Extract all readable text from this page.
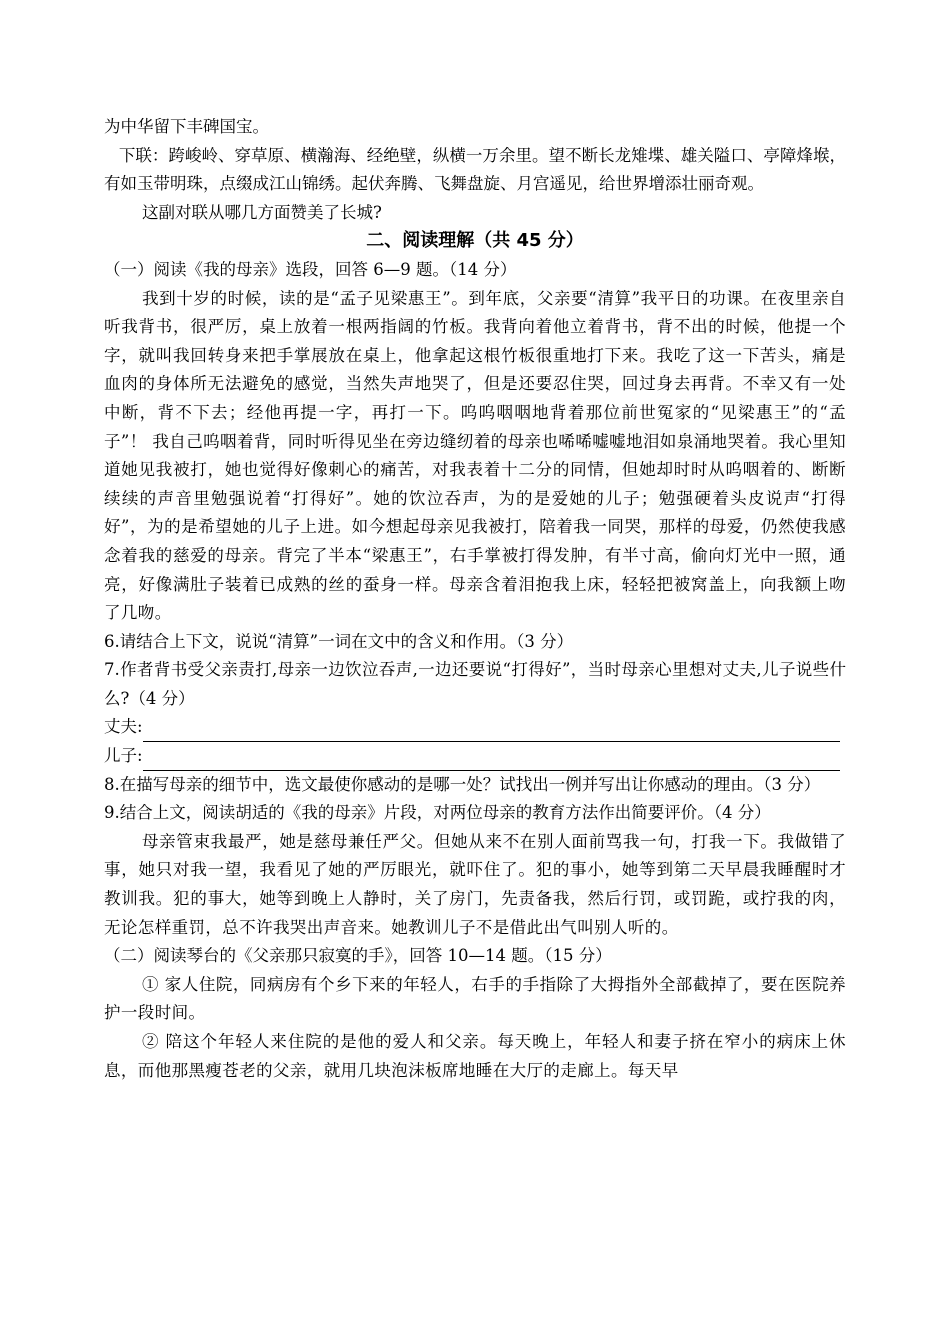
为中华留下丰碑国宝。

下联：跨峻岭、穿草原、横瀚海、经绝壁，纵横一万余里。望不断长龙雉堞、雄关隘口、亭障烽堠，有如玉带明珠，点缀成江山锦绣。起伏奔腾、飞舞盘旋、月宫遥见，给世界增添壮丽奇观。

这副对联从哪几方面赞美了长城?

二、阅读理解（共 45 分）

（一）阅读《我的母亲》选段，回答 6—9 题。（14 分）

我到十岁的时候，读的是“孟子见梁惠王”。到年底，父亲要“清算”我平日的功课。在夜里亲自听我背书，很严厉，桌上放着一根两指阔的竹板。我背向着他立着背书，背不出的时候，他提一个字，就叫我回转身来把手掌展放在桌上，他拿起这根竹板很重地打下来。我吃了这一下苦头，痛是血肉的身体所无法避免的感觉，当然失声地哭了，但是还要忍住哭，回过身去再背。不幸又有一处中断，背不下去；经他再提一字，再打一下。呜呜咽咽地背着那位前世冤家的“见梁惠王”的“孟子”！ 我自己呜咽着背，同时听得见坐在旁边缝纫着的母亲也唏唏嘘嘘地泪如泉涌地哭着。我心里知道她见我被打，她也觉得好像刺心的痛苦，对我表着十二分的同情，但她却时时从呜咽着的、断断续续的声音里勉强说着“打得好”。她的饮泣吞声，为的是爱她的儿子；勉强硬着头皮说声“打得好”，为的是希望她的儿子上进。如今想起母亲见我被打，陪着我一同哭，那样的母爱，仍然使我感念着我的慈爱的母亲。背完了半本“梁惠王”，右手掌被打得发肿，有半寸高，偷向灯光中一照，通亮，好像满肚子装着已成熟的丝的蚕身一样。母亲含着泪抱我上床，轻轻把被窝盖上，向我额上吻了几吻。

6.请结合上下文，说说“清算”一词在文中的含义和作用。（3 分）

7.作者背书受父亲责打,母亲一边饮泣吞声,一边还要说“打得好”，当时母亲心里想对丈夫,儿子说些什么?（4 分）

丈夫:
儿子:

8.在描写母亲的细节中，选文最使你感动的是哪一处？试找出一例并写出让你感动的理由。（3 分）

9.结合上文，阅读胡适的《我的母亲》片段，对两位母亲的教育方法作出简要评价。（4 分）

母亲管束我最严，她是慈母兼任严父。但她从来不在别人面前骂我一句，打我一下。我做错了事，她只对我一望，我看见了她的严厉眼光，就吓住了。犯的事小，她等到第二天早晨我睡醒时才教训我。犯的事大，她等到晚上人静时，关了房门，先责备我，然后行罚，或罚跪，或拧我的肉，无论怎样重罚，总不许我哭出声音来。她教训儿子不是借此出气叫别人听的。

（二）阅读琴台的《父亲那只寂寞的手》，回答 10—14 题。（15 分）

① 家人住院，同病房有个乡下来的年轻人，右手的手指除了大拇指外全部截掉了，要在医院养护一段时间。

② 陪这个年轻人来住院的是他的爱人和父亲。每天晚上，年轻人和妻子挤在窄小的病床上休息，而他那黑瘦苍老的父亲，就用几块泡沫板席地睡在大厅的走廊上。每天早
